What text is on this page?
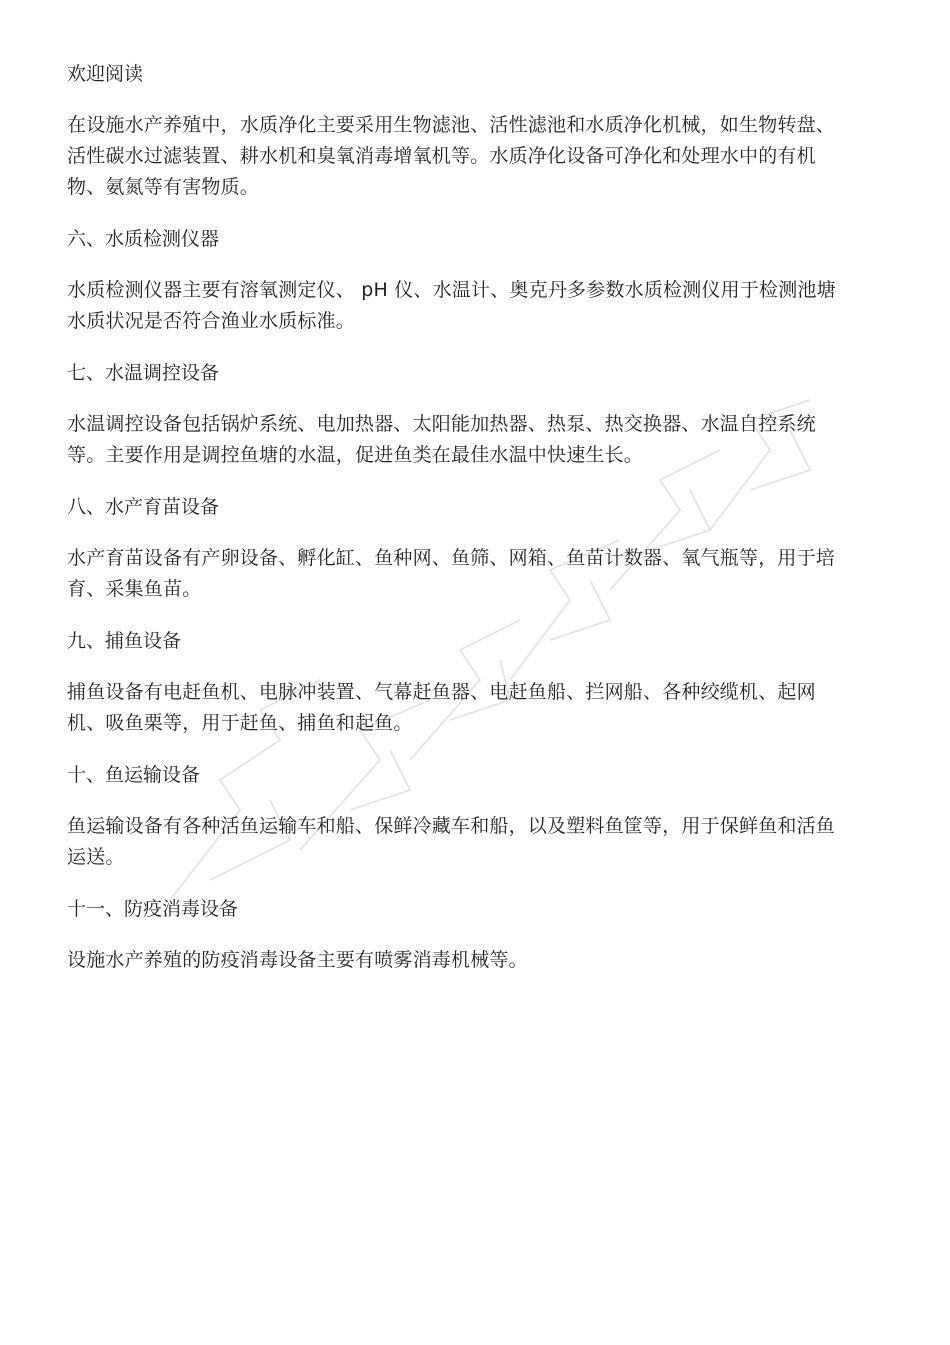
欢迎阅读
在设施水产养殖中，水质净化主要采用生物滤池、活性滤池和水质净化机械，如生物转盘、活性碳水过滤装置、耕水机和臭氧消毒增氧机等。水质净化设备可净化和处理水中的有机物、氨氮等有害物质。
六、水质检测仪器
水质检测仪器主要有溶氧测定仪、 pH 仪、水温计、奥克丹多参数水质检测仪用于检测池塘水质状况是否符合渔业水质标准。
七、水温调控设备
水温调控设备包括锅炉系统、电加热器、太阳能加热器、热泵、热交换器、水温自控系统等。主要作用是调控鱼塘的水温，促进鱼类在最佳水温中快速生长。
八、水产育苗设备
水产育苗设备有产卵设备、孵化缸、鱼种网、鱼筛、网箱、鱼苗计数器、氧气瓶等，用于培育、采集鱼苗。
九、捕鱼设备
捕鱼设备有电赶鱼机、电脉冲装置、气幕赶鱼器、电赶鱼船、拦网船、各种绞缆机、起网机、吸鱼栗等，用于赶鱼、捕鱼和起鱼。
十、鱼运输设备
鱼运输设备有各种活鱼运输车和船、保鲜冷藏车和船，以及塑料鱼筐等，用于保鲜鱼和活鱼运送。
十一、防疫消毒设备
设施水产养殖的防疫消毒设备主要有喷雾消毒机械等。
